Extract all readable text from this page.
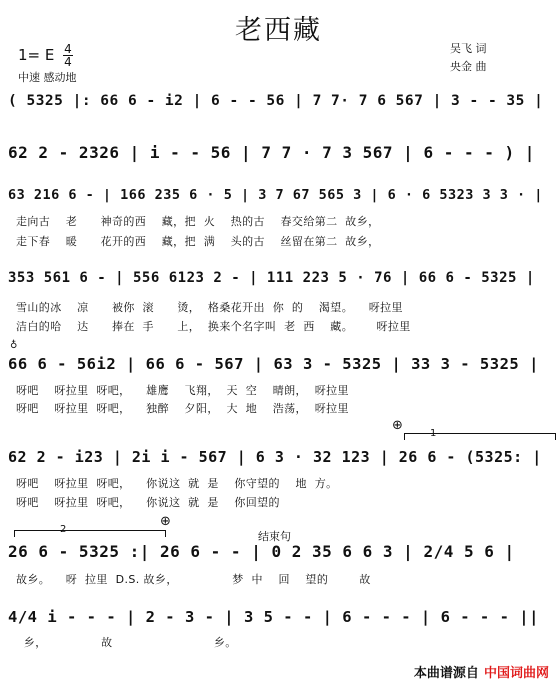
老西藏
1= E $\frac{4}{4}$
中速 感动地
吴飞 词
央金 曲
( 5325 |: 66 6 - i2 | 6 - - 56 | 7 7· 7 6 567 | 3 - - 35 |
62 2 - 2326 | i - - 56 | 7 7 · 7 3 567 | 6 - - - ) |
63 216 6 - | 166 235 6 · 5 | 3 7 67 565 3 | 6 · 6 5323 3 3 · |
走向古    老      神奇的西    藏，把  火    热的古    春交给第二  故乡，
走下春    暖      花开的西    藏，把  满    头的古    丝留在第二  故乡，
353 561 6 - | 556 6123 2 - | 111 223 5 · 76 | 66 6 - 5325 |
雪山的冰    凉      被你  滚      烫，  格桑花开出  你  的    渴望。    呀拉里
洁白的哈    达      捧在  手      上，  换来个名字叫  老  西    藏。      呀拉里
♁
66 6 - 56i2 | 66 6 - 567 | 63 3 - 5325 | 33 3 - 5325 |
呀吧    呀拉里  呀吧，    雄鹰    飞翔，  天  空    晴朗，  呀拉里
呀吧    呀拉里  呀吧，    独醉    夕阳，  大  地    浩荡，  呀拉里
⊕
1
62 2 - i23 | 2i i - 567 | 6 3 · 32 123 | 26 6 - (5325: |
呀吧    呀拉里  呀吧，    你说这  就  是    你守望的    地  方。
呀吧    呀拉里  呀吧，    你说这  就  是    你回望的
2
⊕
结束句
26 6 - 5325 :| 26 6 - - | 0 2 35 6 6 3 | 2/4 5 6 |
故乡。    呀  拉里  D.S. 故乡，              梦  中    回    望的        故
4/4 i - - - | 2 - 3 - | 3 5 - - | 6 - - - | 6 - - - ||
乡，              故                          乡。
本曲谱源自 中国词曲网
